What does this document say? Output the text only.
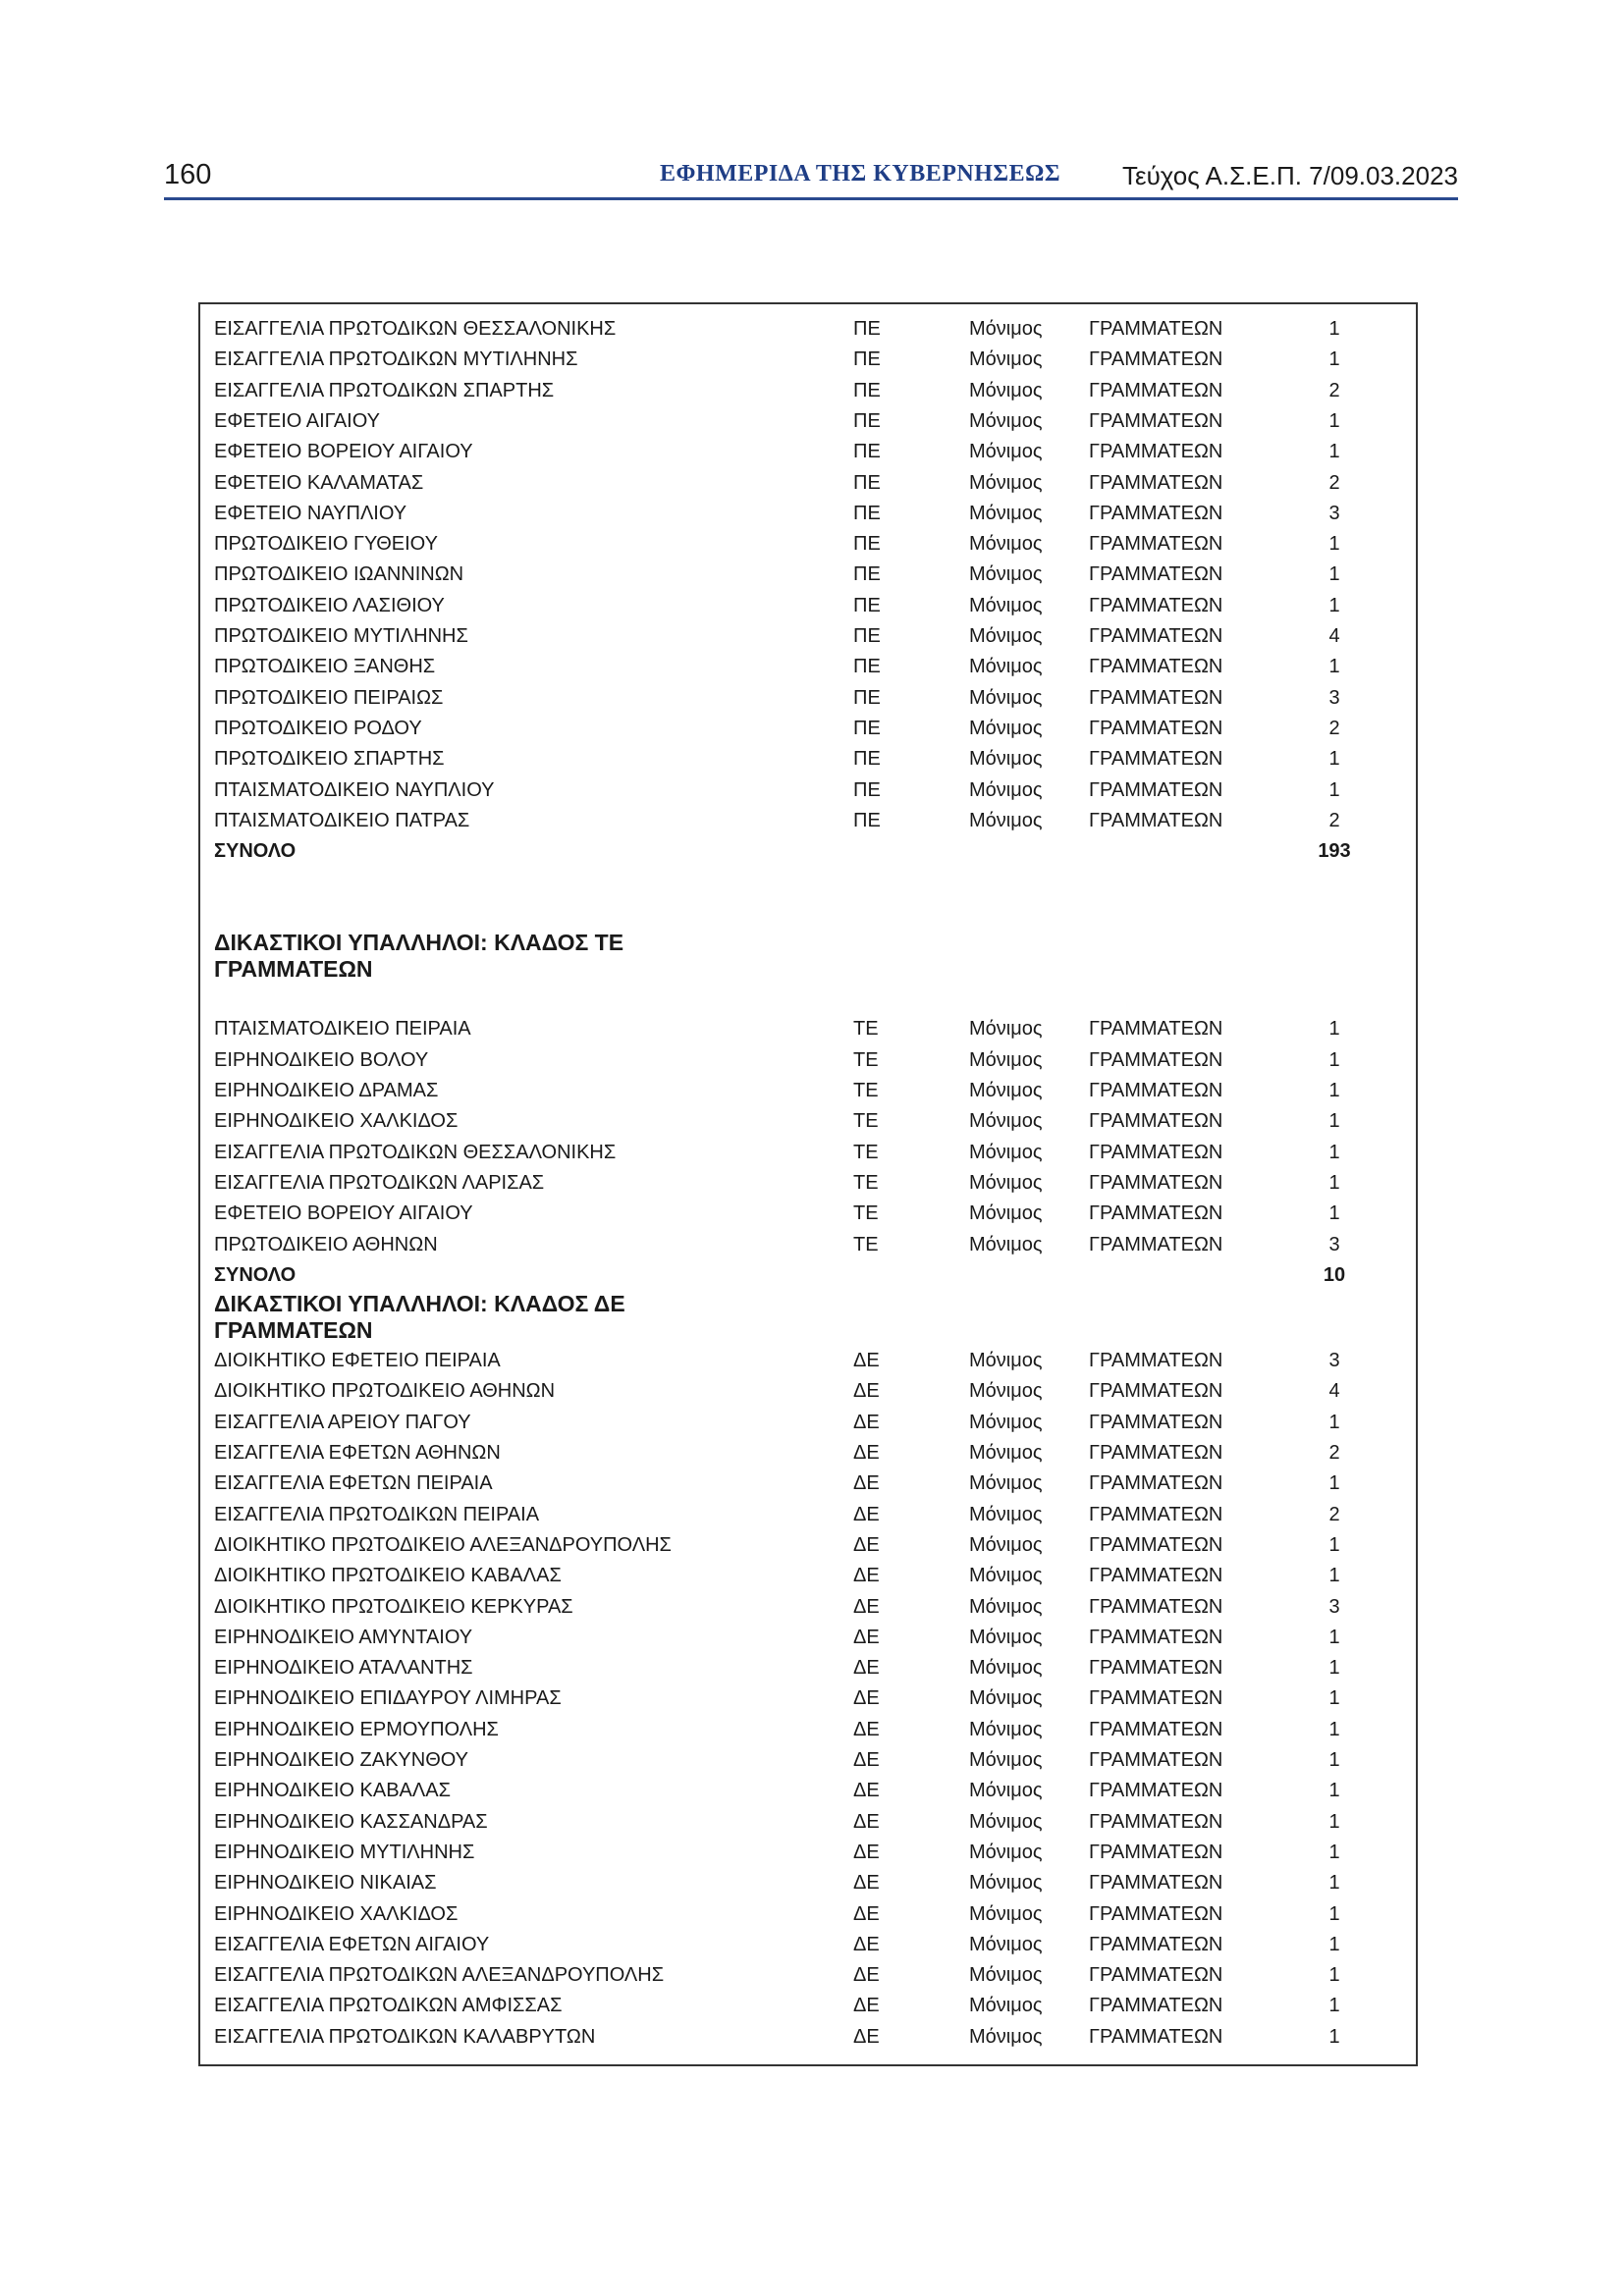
160	ΕΦΗΜΕΡΙΔΑ ΤΗΣ ΚΥΒΕΡΝΗΣΕΩΣ Τεύχος Α.Σ.Ε.Π. 7/09.03.2023
ΕΙΣΑΓΓΕΛΙΑ ΠΡΩΤΟΔΙΚΩΝ ΘΕΣΣΑΛΟΝΙΚΗΣ	ΠΕ	Μόνιμος ΓΡΑΜΜΑΤΕΩΝ	1
ΕΙΣΑΓΓΕΛΙΑ ΠΡΩΤΟΔΙΚΩΝ ΜΥΤΙΛΗΝΗΣ	ΠΕ	Μόνιμος ΓΡΑΜΜΑΤΕΩΝ	1
ΕΙΣΑΓΓΕΛΙΑ ΠΡΩΤΟΔΙΚΩΝ ΣΠΑΡΤΗΣ	ΠΕ	Μόνιμος ΓΡΑΜΜΑΤΕΩΝ	2
ΕΦΕΤΕΙΟ ΑΙΓΑΙΟΥ	ΠΕ	Μόνιμος ΓΡΑΜΜΑΤΕΩΝ	1
ΕΦΕΤΕΙΟ ΒΟΡΕΙΟΥ ΑΙΓΑΙΟΥ	ΠΕ	Μόνιμος ΓΡΑΜΜΑΤΕΩΝ	1
ΕΦΕΤΕΙΟ ΚΑΛΑΜΑΤΑΣ	ΠΕ	Μόνιμος ΓΡΑΜΜΑΤΕΩΝ	2
ΕΦΕΤΕΙΟ ΝΑΥΠΛΙΟΥ	ΠΕ	Μόνιμος ΓΡΑΜΜΑΤΕΩΝ	3
ΠΡΩΤΟΔΙΚΕΙΟ ΓΥΘΕΙΟΥ	ΠΕ	Μόνιμος ΓΡΑΜΜΑΤΕΩΝ	1
ΠΡΩΤΟΔΙΚΕΙΟ ΙΩΑΝΝΙΝΩΝ	ΠΕ	Μόνιμος ΓΡΑΜΜΑΤΕΩΝ	1
ΠΡΩΤΟΔΙΚΕΙΟ ΛΑΣΙΘΙΟΥ	ΠΕ	Μόνιμος ΓΡΑΜΜΑΤΕΩΝ	1
ΠΡΩΤΟΔΙΚΕΙΟ ΜΥΤΙΛΗΝΗΣ	ΠΕ	Μόνιμος ΓΡΑΜΜΑΤΕΩΝ	4
ΠΡΩΤΟΔΙΚΕΙΟ ΞΑΝΘΗΣ	ΠΕ	Μόνιμος ΓΡΑΜΜΑΤΕΩΝ	1
ΠΡΩΤΟΔΙΚΕΙΟ ΠΕΙΡΑΙΩΣ	ΠΕ	Μόνιμος ΓΡΑΜΜΑΤΕΩΝ	3
ΠΡΩΤΟΔΙΚΕΙΟ ΡΟΔΟΥ	ΠΕ	Μόνιμος ΓΡΑΜΜΑΤΕΩΝ	2
ΠΡΩΤΟΔΙΚΕΙΟ ΣΠΑΡΤΗΣ	ΠΕ	Μόνιμος ΓΡΑΜΜΑΤΕΩΝ	1
ΠΤΑΙΣΜΑΤΟΔΙΚΕΙΟ ΝΑΥΠΛΙΟΥ	ΠΕ	Μόνιμος ΓΡΑΜΜΑΤΕΩΝ	1
ΠΤΑΙΣΜΑΤΟΔΙΚΕΙΟ ΠΑΤΡΑΣ	ΠΕ	Μόνιμος ΓΡΑΜΜΑΤΕΩΝ	2
ΣΥΝΟΛΟ	193
ΔΙΚΑΣΤΙΚΟΙ ΥΠΑΛΛΗΛΟΙ: ΚΛΑΔΟΣ ΤΕ ΓΡΑΜΜΑΤΕΩΝ
ΠΤΑΙΣΜΑΤΟΔΙΚΕΙΟ ΠΕΙΡΑΙΑ	ΤΕ	Μόνιμος ΓΡΑΜΜΑΤΕΩΝ	1
ΕΙΡΗΝΟΔΙΚΕΙΟ ΒΟΛΟΥ	ΤΕ	Μόνιμος ΓΡΑΜΜΑΤΕΩΝ	1
ΕΙΡΗΝΟΔΙΚΕΙΟ ΔΡΑΜΑΣ	ΤΕ	Μόνιμος ΓΡΑΜΜΑΤΕΩΝ	1
ΕΙΡΗΝΟΔΙΚΕΙΟ ΧΑΛΚΙΔΟΣ	ΤΕ	Μόνιμος ΓΡΑΜΜΑΤΕΩΝ	1
ΕΙΣΑΓΓΕΛΙΑ ΠΡΩΤΟΔΙΚΩΝ ΘΕΣΣΑΛΟΝΙΚΗΣ	ΤΕ	Μόνιμος ΓΡΑΜΜΑΤΕΩΝ	1
ΕΙΣΑΓΓΕΛΙΑ ΠΡΩΤΟΔΙΚΩΝ ΛΑΡΙΣΑΣ	ΤΕ	Μόνιμος ΓΡΑΜΜΑΤΕΩΝ	1
ΕΦΕΤΕΙΟ ΒΟΡΕΙΟΥ ΑΙΓΑΙΟΥ	ΤΕ	Μόνιμος ΓΡΑΜΜΑΤΕΩΝ	1
ΠΡΩΤΟΔΙΚΕΙΟ ΑΘΗΝΩΝ	ΤΕ	Μόνιμος ΓΡΑΜΜΑΤΕΩΝ	3
ΣΥΝΟΛΟ	10
ΔΙΚΑΣΤΙΚΟΙ ΥΠΑΛΛΗΛΟΙ: ΚΛΑΔΟΣ ΔΕ ΓΡΑΜΜΑΤΕΩΝ
ΔΙΟΙΚΗΤΙΚΟ ΕΦΕΤΕΙΟ ΠΕΙΡΑΙΑ	ΔΕ	Μόνιμος ΓΡΑΜΜΑΤΕΩΝ	3
ΔΙΟΙΚΗΤΙΚΟ ΠΡΩΤΟΔΙΚΕΙΟ ΑΘΗΝΩΝ	ΔΕ	Μόνιμος ΓΡΑΜΜΑΤΕΩΝ	4
ΕΙΣΑΓΓΕΛΙΑ ΑΡΕΙΟΥ ΠΑΓΟΥ	ΔΕ	Μόνιμος ΓΡΑΜΜΑΤΕΩΝ	1
ΕΙΣΑΓΓΕΛΙΑ ΕΦΕΤΩΝ ΑΘΗΝΩΝ	ΔΕ	Μόνιμος ΓΡΑΜΜΑΤΕΩΝ	2
ΕΙΣΑΓΓΕΛΙΑ ΕΦΕΤΩΝ ΠΕΙΡΑΙΑ	ΔΕ	Μόνιμος ΓΡΑΜΜΑΤΕΩΝ	1
ΕΙΣΑΓΓΕΛΙΑ ΠΡΩΤΟΔΙΚΩΝ ΠΕΙΡΑΙΑ	ΔΕ	Μόνιμος ΓΡΑΜΜΑΤΕΩΝ	2
ΔΙΟΙΚΗΤΙΚΟ ΠΡΩΤΟΔΙΚΕΙΟ ΑΛΕΞΑΝΔΡΟΥΠΟΛΗΣ	ΔΕ	Μόνιμος ΓΡΑΜΜΑΤΕΩΝ	1
ΔΙΟΙΚΗΤΙΚΟ ΠΡΩΤΟΔΙΚΕΙΟ ΚΑΒΑΛΑΣ	ΔΕ	Μόνιμος ΓΡΑΜΜΑΤΕΩΝ	1
ΔΙΟΙΚΗΤΙΚΟ ΠΡΩΤΟΔΙΚΕΙΟ ΚΕΡΚΥΡΑΣ	ΔΕ	Μόνιμος ΓΡΑΜΜΑΤΕΩΝ	3
ΕΙΡΗΝΟΔΙΚΕΙΟ ΑΜΥΝΤΑΙΟΥ	ΔΕ	Μόνιμος ΓΡΑΜΜΑΤΕΩΝ	1
ΕΙΡΗΝΟΔΙΚΕΙΟ ΑΤΑΛΑΝΤΗΣ	ΔΕ	Μόνιμος ΓΡΑΜΜΑΤΕΩΝ	1
ΕΙΡΗΝΟΔΙΚΕΙΟ ΕΠΙΔΑΥΡΟΥ ΛΙΜΗΡΑΣ	ΔΕ	Μόνιμος ΓΡΑΜΜΑΤΕΩΝ	1
ΕΙΡΗΝΟΔΙΚΕΙΟ ΕΡΜΟΥΠΟΛΗΣ	ΔΕ	Μόνιμος ΓΡΑΜΜΑΤΕΩΝ	1
ΕΙΡΗΝΟΔΙΚΕΙΟ ΖΑΚΥΝΘΟΥ	ΔΕ	Μόνιμος ΓΡΑΜΜΑΤΕΩΝ	1
ΕΙΡΗΝΟΔΙΚΕΙΟ ΚΑΒΑΛΑΣ	ΔΕ	Μόνιμος ΓΡΑΜΜΑΤΕΩΝ	1
ΕΙΡΗΝΟΔΙΚΕΙΟ ΚΑΣΣΑΝΔΡΑΣ	ΔΕ	Μόνιμος ΓΡΑΜΜΑΤΕΩΝ	1
ΕΙΡΗΝΟΔΙΚΕΙΟ ΜΥΤΙΛΗΝΗΣ	ΔΕ	Μόνιμος ΓΡΑΜΜΑΤΕΩΝ	1
ΕΙΡΗΝΟΔΙΚΕΙΟ ΝΙΚΑΙΑΣ	ΔΕ	Μόνιμος ΓΡΑΜΜΑΤΕΩΝ	1
ΕΙΡΗΝΟΔΙΚΕΙΟ ΧΑΛΚΙΔΟΣ	ΔΕ	Μόνιμος ΓΡΑΜΜΑΤΕΩΝ	1
ΕΙΣΑΓΓΕΛΙΑ ΕΦΕΤΩΝ ΑΙΓΑΙΟΥ	ΔΕ	Μόνιμος ΓΡΑΜΜΑΤΕΩΝ	1
ΕΙΣΑΓΓΕΛΙΑ ΠΡΩΤΟΔΙΚΩΝ ΑΛΕΞΑΝΔΡΟΥΠΟΛΗΣ	ΔΕ	Μόνιμος ΓΡΑΜΜΑΤΕΩΝ	1
ΕΙΣΑΓΓΕΛΙΑ ΠΡΩΤΟΔΙΚΩΝ ΑΜΦΙΣΣΑΣ	ΔΕ	Μόνιμος ΓΡΑΜΜΑΤΕΩΝ	1
ΕΙΣΑΓΓΕΛΙΑ ΠΡΩΤΟΔΙΚΩΝ ΚΑΛΑΒΡΥΤΩΝ	ΔΕ	Μόνιμος ΓΡΑΜΜΑΤΕΩΝ	1
